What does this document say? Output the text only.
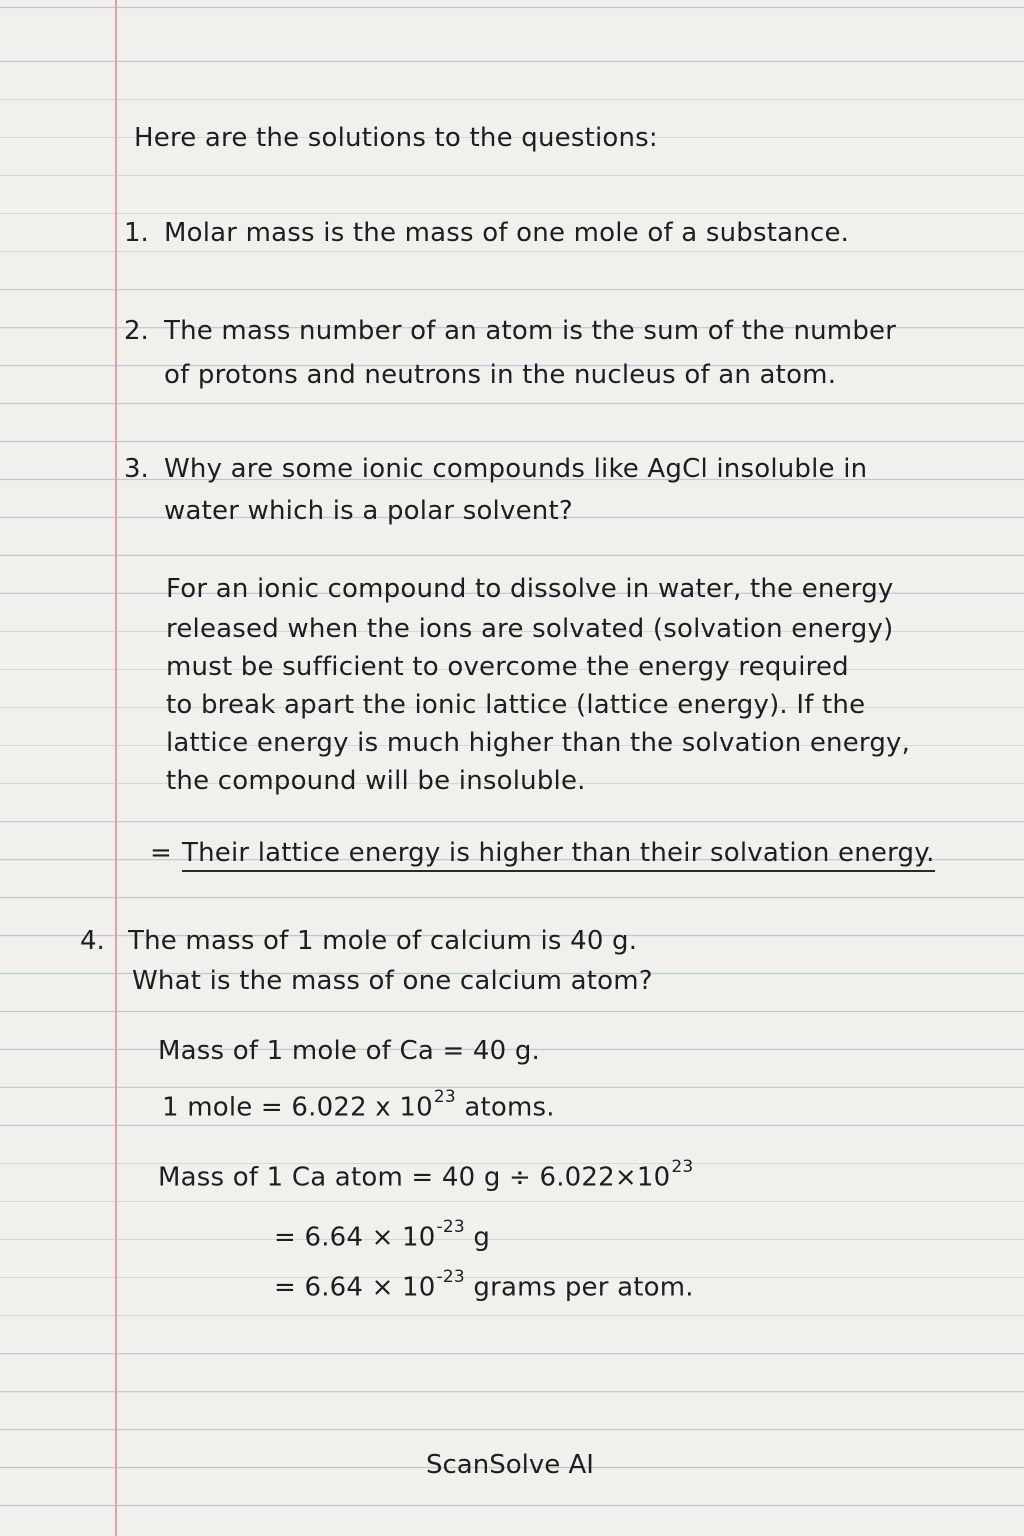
Here are the solutions to the questions:
1. Molar mass is the mass of one mole of a substance.
2. The mass number of an atom is the sum of the number
of protons and neutrons in the nucleus of an atom.
3. Why are some ionic compounds like AgCl insoluble in
water which is a polar solvent?
For an ionic compound to dissolve in water, the energy
released when the ions are solvated (solvation energy)
must be sufficient to overcome the energy required
to break apart the ionic lattice (lattice energy). If the
lattice energy is much higher than the solvation energy,
the compound will be insoluble.
= Their lattice energy is higher than their solvation energy.
4. The mass of 1 mole of calcium is 40 g.
What is the mass of one calcium atom?
Mass of 1 mole of Ca = 40 g.
1 mole = 6.022 x $10^{23}$ atoms.
Mass of 1 Ca atom = 40 $g \div 6.022\times 10^{23}$
= $6.64 \times 10^{-23}$ g
= $6.64 \times 10^{-23}$ grams per atom.
ScanSolve AI
